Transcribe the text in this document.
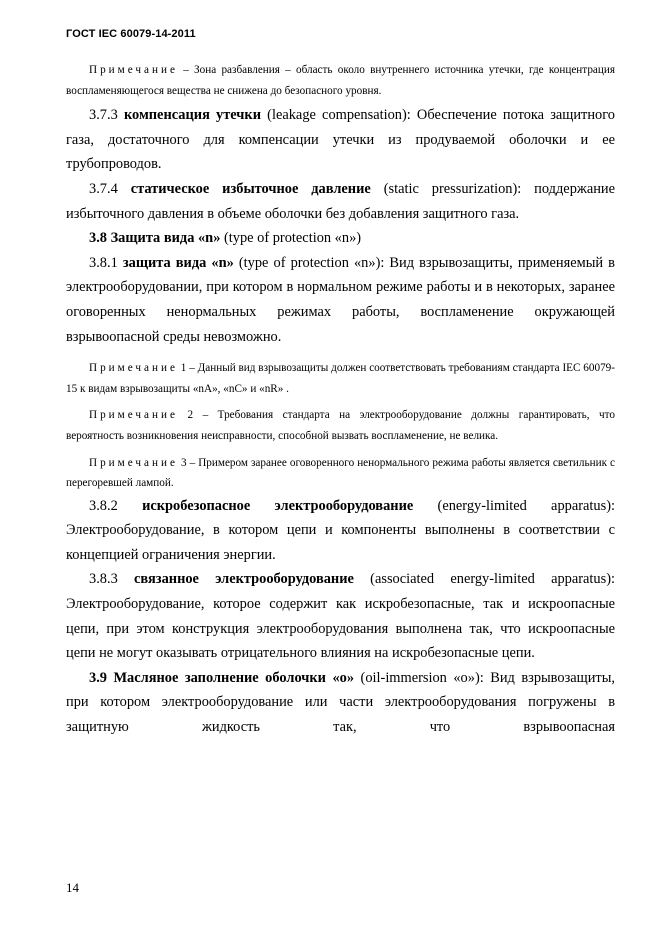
ГОСТ IEC 60079-14-2011

Примечание – Зона разбавления – область около внутреннего источника утечки, где концентрация воспламеняющегося вещества не снижена до безопасного уровня.

3.7.3 компенсация утечки (leakage compensation): Обеспечение потока защитного газа, достаточного для компенсации утечки из продуваемой оболочки и ее трубопроводов.

3.7.4 статическое избыточное давление (static pressurization): поддержание избыточного давления в объеме оболочки без добавления защитного газа.

3.8 Защита вида «n» (type of protection «n»)

3.8.1 защита вида «n» (type of protection «n»): Вид взрывозащиты, применяемый в электрооборудовании, при котором в нормальном режиме работы и в некоторых, заранее оговоренных ненормальных режимах работы, воспламенение окружающей взрывоопасной среды невозможно.

Примечание 1 – Данный вид взрывозащиты должен соответствовать требованиям стандарта IEC 60079-15 к видам взрывозащиты «nA», «nC» и «nR» .

Примечание 2 – Требования стандарта на электрооборудование должны гарантировать, что вероятность возникновения неисправности, способной вызвать воспламенение, не велика.

Примечание 3 – Примером заранее оговоренного ненормального режима работы является светильник с перегоревшей лампой.

3.8.2 искробезопасное электрооборудование (energy-limited apparatus): Электрооборудование, в котором цепи и компоненты выполнены в соответствии с концепцией ограничения энергии.

3.8.3 связанное электрооборудование (associated energy-limited apparatus): Электрооборудование, которое содержит как искробезопасные, так и искроопасные цепи, при этом конструкция электрооборудования выполнена так, что искроопасные цепи не могут оказывать отрицательного влияния на искробезопасные цепи.

3.9 Масляное заполнение оболочки «о» (oil-immersion «о»): Вид взрывозащиты, при котором электрооборудование или части электрооборудования погружены в защитную жидкость так, что взрывоопасная

14
